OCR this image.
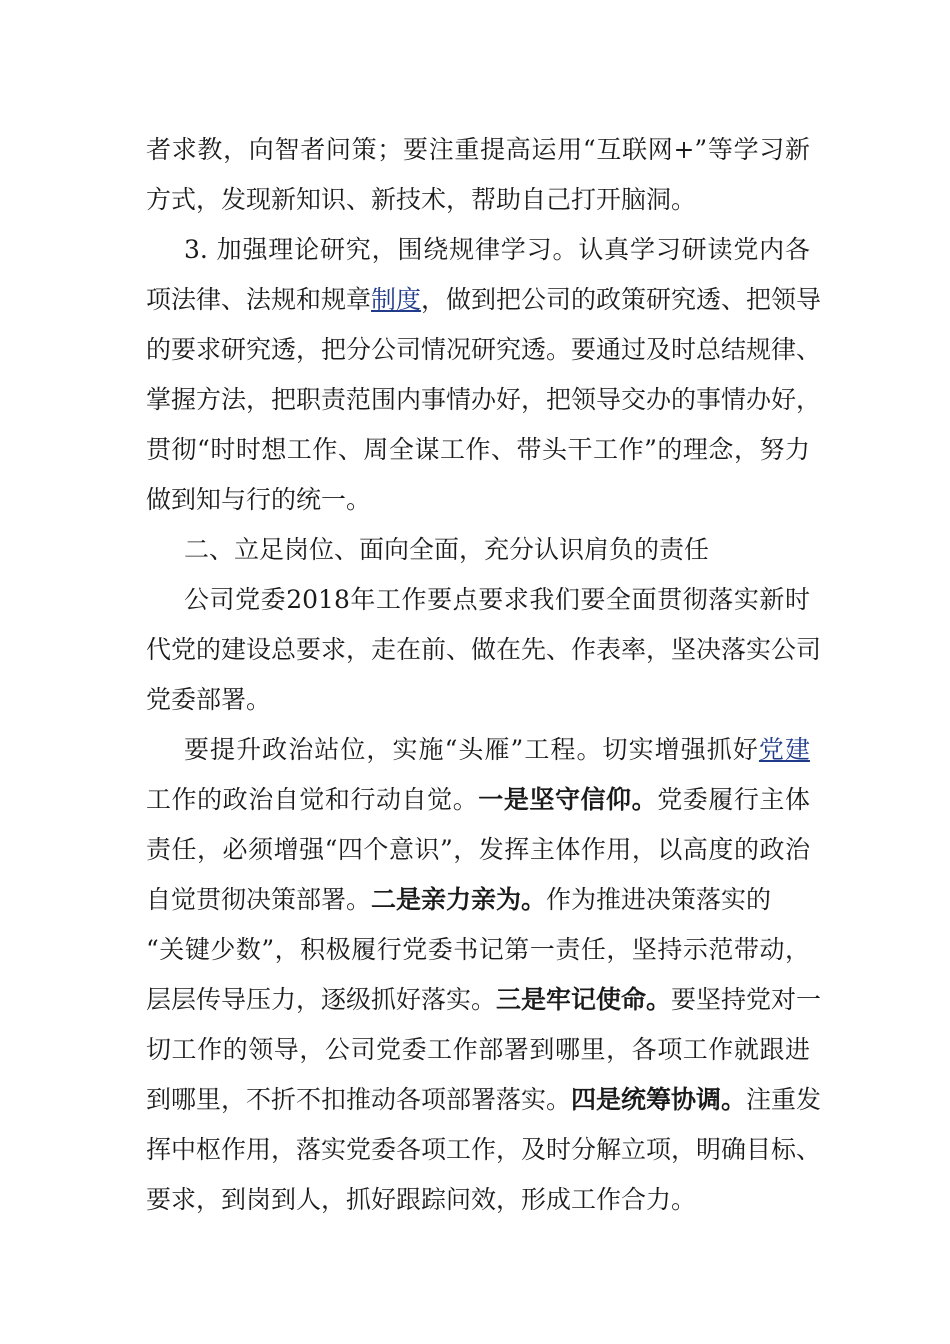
者求教，向智者问策；要注重提高运用“互联网+”等学习新
方式，发现新知识、新技术，帮助自己打开脑洞。
3. 加强理论研究，围绕规律学习。认真学习研读党内各
项法律、法规和规章制度，做到把公司的政策研究透、把领导
的要求研究透，把分公司情况研究透。要通过及时总结规律、
掌握方法，把职责范围内事情办好，把领导交办的事情办好，
贯彻“时时想工作、周全谋工作、带头干工作”的理念，努力
做到知与行的统一。
二、立足岗位、面向全面，充分认识肩负的责任
公司党委2018年工作要点要求我们要全面贯彻落实新时
代党的建设总要求，走在前、做在先、作表率，坚决落实公司
党委部署。
要提升政治站位，实施“头雁”工程。切实增强抓好党建
工作的政治自觉和行动自觉。一是坚守信仰。党委履行主体
责任，必须增强“四个意识”，发挥主体作用，以高度的政治
自觉贯彻决策部署。二是亲力亲为。作为推进决策落实的
“关键少数”，积极履行党委书记第一责任，坚持示范带动，
层层传导压力，逐级抓好落实。三是牢记使命。要坚持党对一
切工作的领导，公司党委工作部署到哪里，各项工作就跟进
到哪里，不折不扣推动各项部署落实。四是统筹协调。注重发
挥中枢作用，落实党委各项工作，及时分解立项，明确目标、
要求，到岗到人，抓好跟踪问效，形成工作合力。
